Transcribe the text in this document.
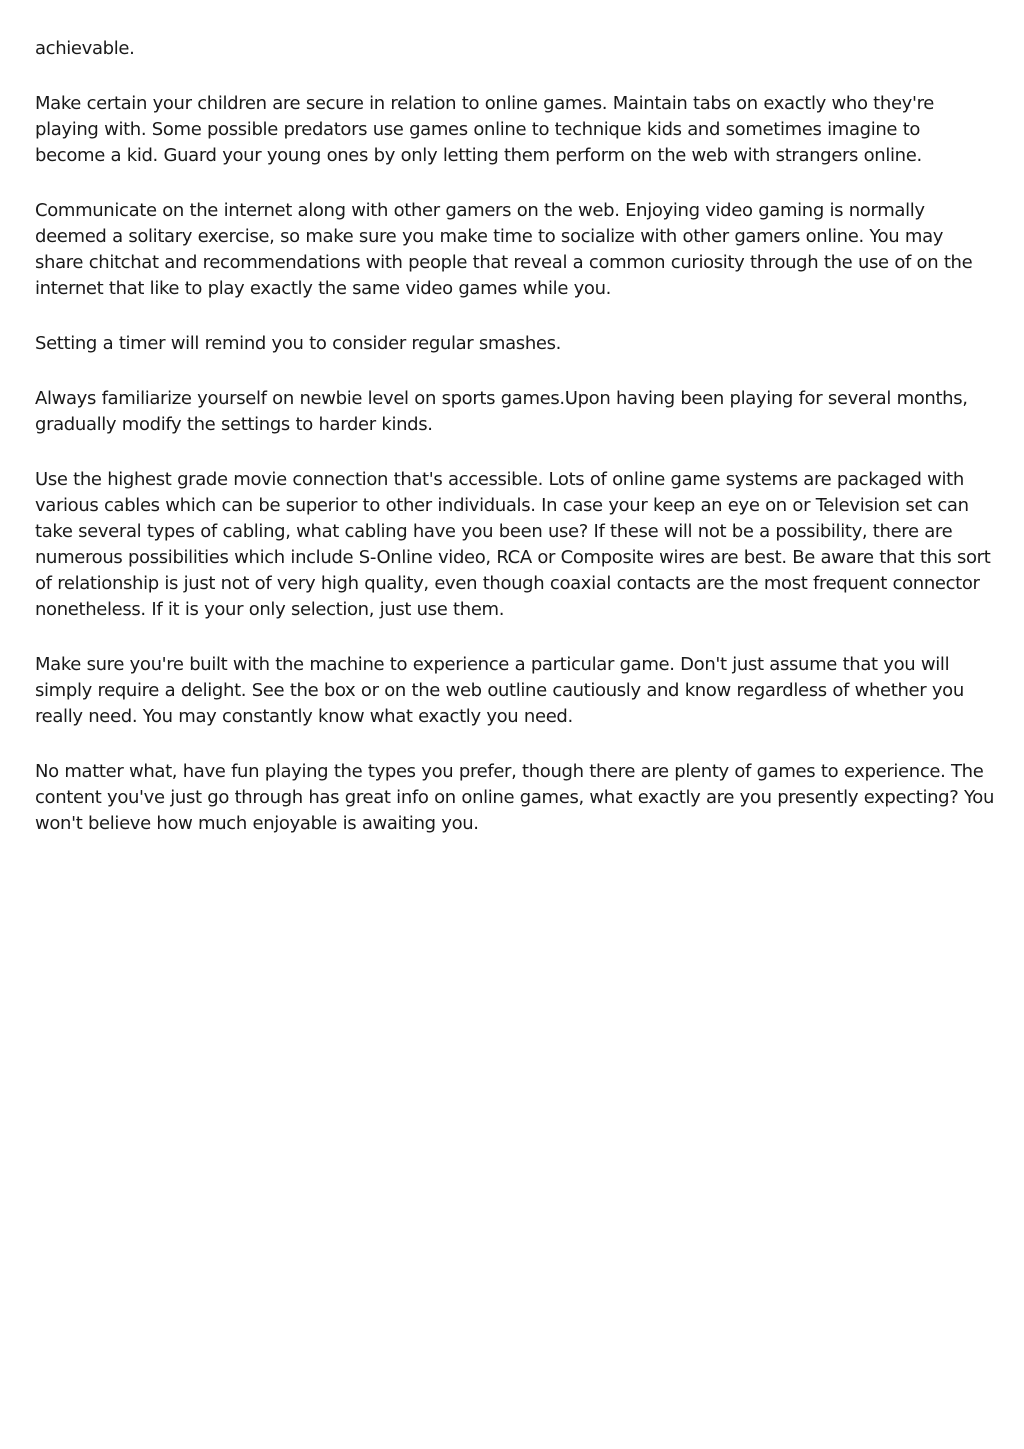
achievable.

Make certain your children are secure in relation to online games. Maintain tabs on exactly who they're playing with. Some possible predators use games online to technique kids and sometimes imagine to become a kid. Guard your young ones by only letting them perform on the web with strangers online.

Communicate on the internet along with other gamers on the web. Enjoying video gaming is normally deemed a solitary exercise, so make sure you make time to socialize with other gamers online. You may share chitchat and recommendations with people that reveal a common curiosity through the use of on the internet that like to play exactly the same video games while you.

Setting a timer will remind you to consider regular smashes.

Always familiarize yourself on newbie level on sports games.Upon having been playing for several months, gradually modify the settings to harder kinds.

Use the highest grade movie connection that's accessible. Lots of online game systems are packaged with various cables which can be superior to other individuals. In case your keep an eye on or Television set can take several types of cabling, what cabling have you been use? If these will not be a possibility, there are numerous possibilities which include S-Online video, RCA or Composite wires are best. Be aware that this sort of relationship is just not of very high quality, even though coaxial contacts are the most frequent connector nonetheless. If it is your only selection, just use them.

Make sure you're built with the machine to experience a particular game. Don't just assume that you will simply require a delight. See the box or on the web outline cautiously and know regardless of whether you really need. You may constantly know what exactly you need.

No matter what, have fun playing the types you prefer, though there are plenty of games to experience. The content you've just go through has great info on online games, what exactly are you presently expecting? You won't believe how much enjoyable is awaiting you.
